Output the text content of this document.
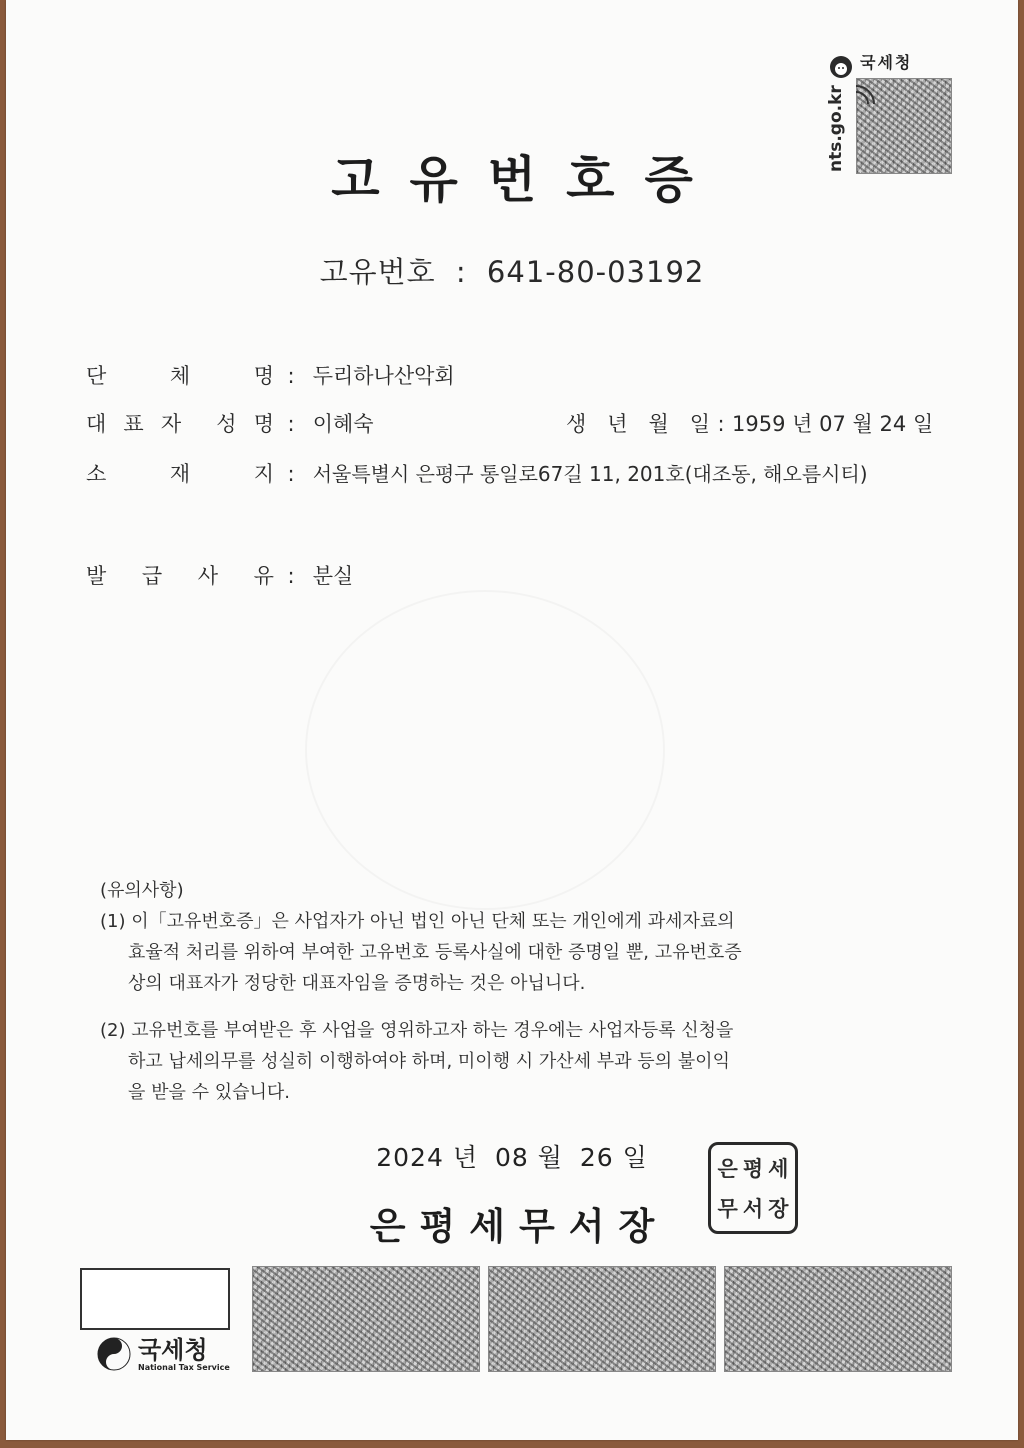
국세청
nts.go.kr
고유번호증
고유번호 : 641-80-03192
단	체	명 : 두리하나산악회
대 표 자 성 명 : 이혜숙	생 년 월 일 : 1959 년 07 월 24 일
소	재	지 : 서울특별시 은평구 통일로67길 11, 201호(대조동, 해오름시티)
발 급 사 유 : 분실

(유의사항)

(1) 이「고유번호증」은 사업자가 아닌 법인 아닌 단체 또는 개인에게 과세자료의

효율적 처리를 위하여 부여한 고유번호 등록사실에 대한 증명일 뿐, 고유번호증

상의 대표자가 정당한 대표자임을 증명하는 것은 아닙니다.

(2) 고유번호를 부여받은 후 사업을 영위하고자 하는 경우에는 사업자등록 신청을

하고 납세의무를 성실히 이행하여야 하며, 미이행 시 가산세 부과 등의 불이익

을 받을 수 있습니다.

2024 년 08 월 26 일
은평세무서장
은 평 세
무 서 장
국세청
National Tax Service
